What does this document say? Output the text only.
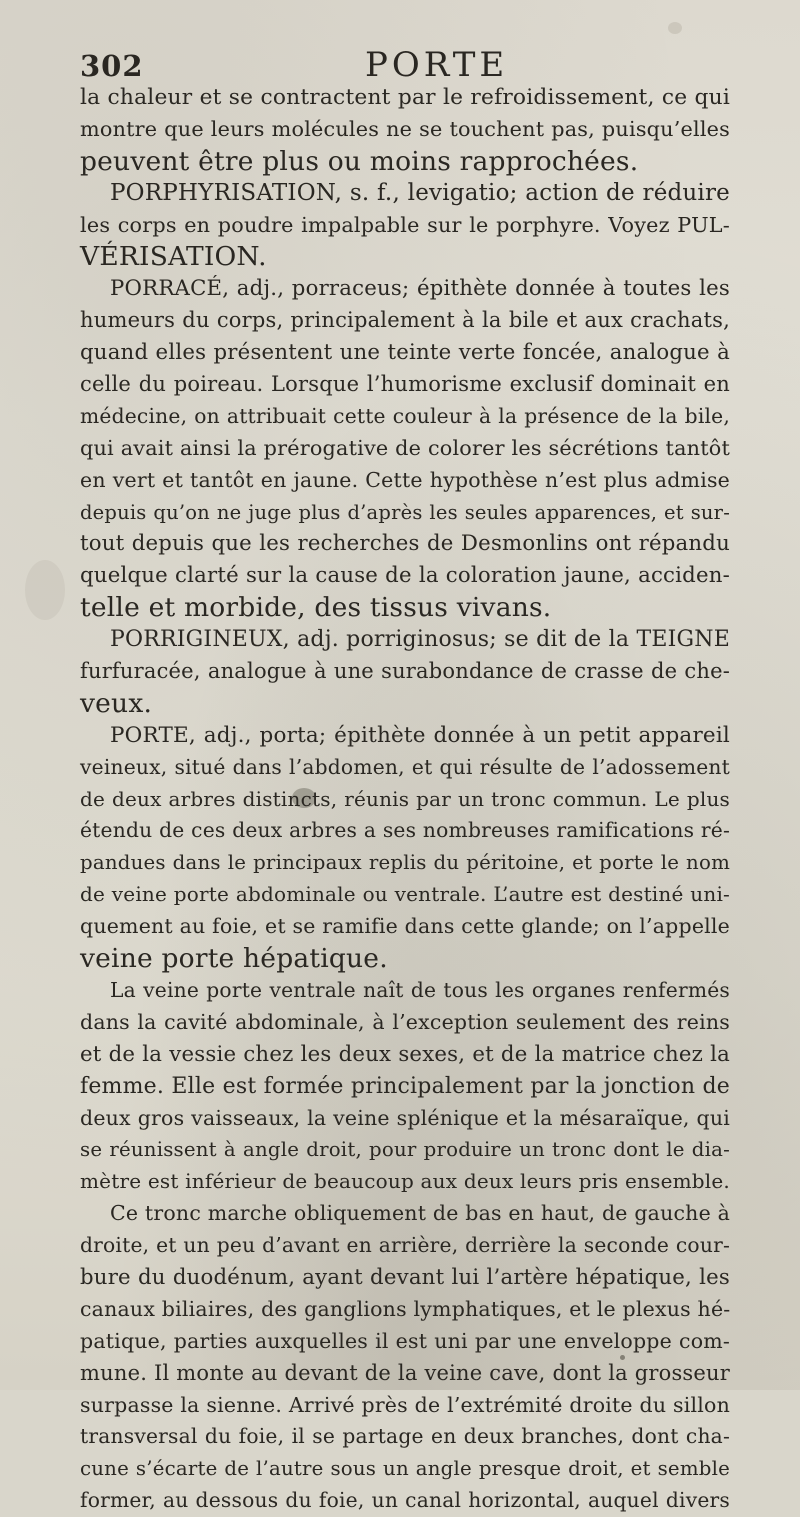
302	PORTE
la chaleur et se contractent par le refroidissement, ce qui
montre que leurs molécules ne se touchent pas, puisqu’elles
peuvent être plus ou moins rapprochées.
PORPHYRISATION, s. f., levigatio; action de réduire
les corps en poudre impalpable sur le porphyre. Voyez PUL-
VÉRISATION.
PORRACÉ, adj., porraceus; épithète donnée à toutes les
humeurs du corps, principalement à la bile et aux crachats,
quand elles présentent une teinte verte foncée, analogue à
celle du poireau. Lorsque l’humorisme exclusif dominait en
médecine, on attribuait cette couleur à la présence de la bile,
qui avait ainsi la prérogative de colorer les sécrétions tantôt
en vert et tantôt en jaune. Cette hypothèse n’est plus admise
depuis qu’on ne juge plus d’après les seules apparences, et sur-
tout depuis que les recherches de Desmonlins ont répandu
quelque clarté sur la cause de la coloration jaune, acciden-
telle et morbide, des tissus vivans.
PORRIGINEUX, adj. porriginosus; se dit de la TEIGNE
furfuracée, analogue à une surabondance de crasse de che-
veux.
PORTE, adj., porta; épithète donnée à un petit appareil
veineux, situé dans l’abdomen, et qui résulte de l’adossement
de deux arbres distincts, réunis par un tronc commun. Le plus
étendu de ces deux arbres a ses nombreuses ramifications ré-
pandues dans le principaux replis du péritoine, et porte le nom
de veine porte abdominale ou ventrale. L’autre est destiné uni-
quement au foie, et se ramifie dans cette glande; on l’appelle
veine porte hépatique.
La veine porte ventrale naît de tous les organes renfermés
dans la cavité abdominale, à l’exception seulement des reins
et de la vessie chez les deux sexes, et de la matrice chez la
femme. Elle est formée principalement par la jonction de
deux gros vaisseaux, la veine splénique et la mésaraïque, qui
se réunissent à angle droit, pour produire un tronc dont le dia-
mètre est inférieur de beaucoup aux deux leurs pris ensemble.
Ce tronc marche obliquement de bas en haut, de gauche à
droite, et un peu d’avant en arrière, derrière la seconde cour-
bure du duodénum, ayant devant lui l’artère hépatique, les
canaux biliaires, des ganglions lymphatiques, et le plexus hé-
patique, parties auxquelles il est uni par une enveloppe com-
mune. Il monte au devant de la veine cave, dont la grosseur
surpasse la sienne. Arrivé près de l’extrémité droite du sillon
transversal du foie, il se partage en deux branches, dont cha-
cune s’écarte de l’autre sous un angle presque droit, et semble
former, au dessous du foie, un canal horizontal, auquel divers
